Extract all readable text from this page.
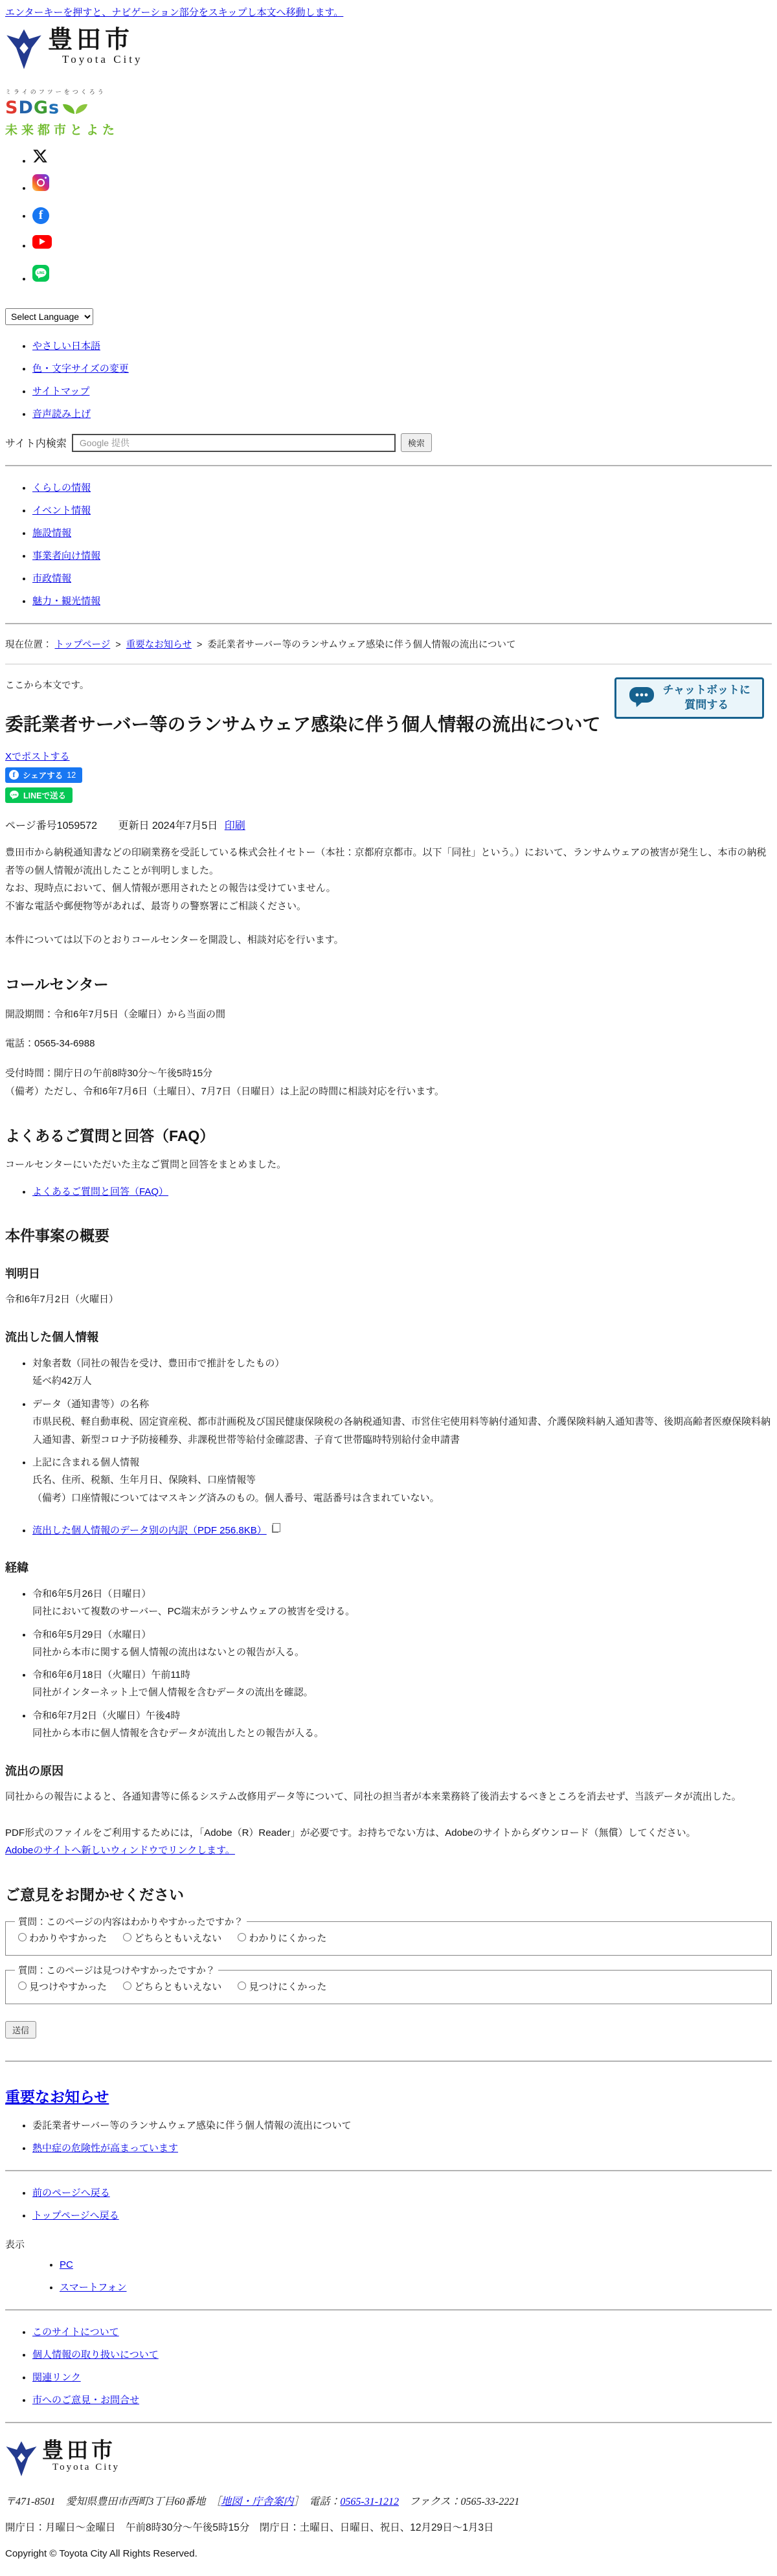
エンターキーを押すと、ナビゲーション部分をスキップし本文へ移動します。
豊田市
Toyota City
ミライのフツーをつくろう
SDGs
未来都市とよた
•
•
• f
•
• LINE
Select Language
• やさしい日本語
• 色・文字サイズの変更
• サイトマップ
• 音声読み上げ
サイト内検索
Google 提供	検索
• くらしの情報
• イベント情報
• 施設情報
• 事業者向け情報
• 市政情報
• 魅力・観光情報
現在位置： トップページ > 重要なお知らせ > 委託業者サーバー等のランサムウェア感染に伴う個人情報の流出について
チャットボットに
質問する

ここから本文です。

委託業者サーバー等のランサムウェア感染に伴う個人情報の流出について
Xでポストする
f シェアする 12
LINE LINEで送る
ページ番号1059572 更新日 2024年7月5日 印刷

豊田市から納税通知書などの印刷業務を受託している株式会社イセトー（本社：京都府京都市。以下「同社」という。）において、ランサムウェアの被害が発生し、本市の納税者等の個人情報が流出したことが判明しました。

なお、現時点において、個人情報が悪用されたとの報告は受けていません。

不審な電話や郵便物等があれば、最寄りの警察署にご相談ください。

本件については以下のとおりコールセンターを開設し、相談対応を行います。

コールセンター

開設期間：令和6年7月5日（金曜日）から当面の間

電話：0565-34-6988

受付時間：開庁日の午前8時30分～午後5時15分

（備考）ただし、令和6年7月6日（土曜日）、7月7日（日曜日）は上記の時間に相談対応を行います。

よくあるご質問と回答（FAQ）

コールセンターにいただいた主なご質問と回答をまとめました。

• よくあるご質問と回答（FAQ）
本件事案の概要
判明日

令和6年7月2日（火曜日）

流出した個人情報
• 対象者数（同社の報告を受け、豊田市で推計をしたもの）
延べ約42万人
• データ（通知書等）の名称
市県民税、軽自動車税、固定資産税、都市計画税及び国民健康保険税の各納税通知書、市営住宅使用料等納付通知書、介護保険料納入通知書等、後期高齢者医療保険料納入通知書、新型コロナ予防接種券、非課税世帯等給付金確認書、子育て世帯臨時特別給付金申請書
• 上記に含まれる個人情報
氏名、住所、税額、生年月日、保険料、口座情報等
（備考）口座情報についてはマスキング済みのもの。個人番号、電話番号は含まれていない。
• 流出した個人情報のデータ別の内訳（PDF 256.8KB）
経緯
• 令和6年5月26日（日曜日）
同社において複数のサーバー、PC端末がランサムウェアの被害を受ける。
• 令和6年5月29日（水曜日）
同社から本市に関する個人情報の流出はないとの報告が入る。
• 令和6年6月18日（火曜日）午前11時
同社がインターネット上で個人情報を含むデータの流出を確認。
• 令和6年7月2日（火曜日）午後4時
同社から本市に個人情報を含むデータが流出したとの報告が入る。
流出の原因

同社からの報告によると、各通知書等に係るシステム改修用データ等について、同社の担当者が本来業務終了後消去するべきところを消去せず、当該データが流出した。

PDF形式のファイルをご利用するためには，「Adobe（R）Reader」が必要です。お持ちでない方は、Adobeのサイトからダウンロード（無償）してください。

Adobeのサイトへ新しいウィンドウでリンクします。

ご意見をお聞かせください
質問：このページの内容はわかりやすかったですか？
わかりやすかった	どちらともいえない	わかりにくかった
質問：このページは見つけやすかったですか？
見つけやすかった	どちらともいえない	見つけにくかった
送信
重要なお知らせ
• 委託業者サーバー等のランサムウェア感染に伴う個人情報の流出について
• 熱中症の危険性が高まっています
• 前のページへ戻る
• トップページへ戻る
表示
• PC
• スマートフォン
• このサイトについて
• 個人情報の取り扱いについて
• 関連リンク
• 市へのご意見・お問合せ
豊田市
Toyota City
〒471-8501　愛知県豊田市西町3丁目60番地　［地図・庁舎案内］　電話：0565-31-1212　ファクス：0565-33-2221
開庁日：月曜日～金曜日　午前8時30分～午後5時15分　閉庁日：土曜日、日曜日、祝日、12月29日～1月3日
Copyright © Toyota City All Rights Reserved.
